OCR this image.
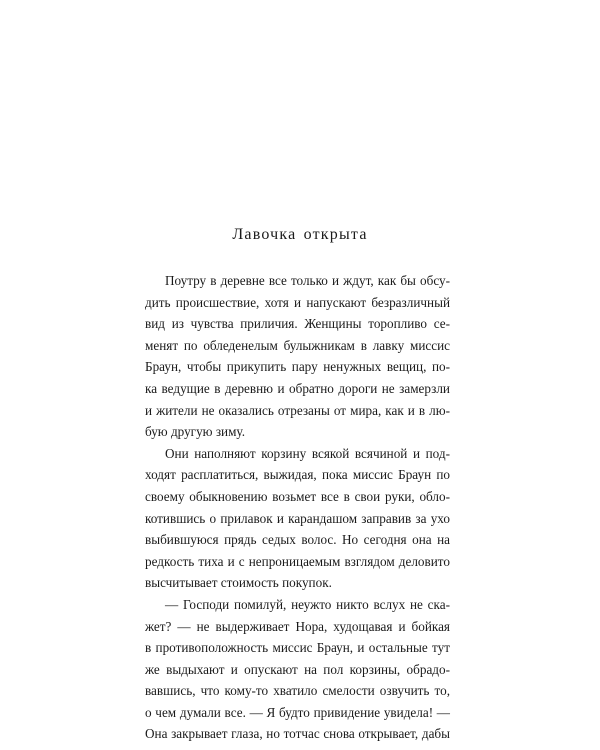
Лавочка открыта
Поутру в деревне все только и ждут, как бы обсу-
дить происшествие, хотя и напускают безразличный
вид из чувства приличия. Женщины торопливо се-
менят по обледенелым булыжникам в лавку миссис
Браун, чтобы прикупить пару ненужных вещиц, по-
ка ведущие в деревню и обратно дороги не замерзли
и жители не оказались отрезаны от мира, как и в лю-
бую другую зиму.
Они наполняют корзину всякой всячиной и под-
ходят расплатиться, выжидая, пока миссис Браун по
своему обыкновению возьмет все в свои руки, обло-
котившись о прилавок и карандашом заправив за ухо
выбившуюся прядь седых волос. Но сегодня она на
редкость тиха и с непроницаемым взглядом деловито
высчитывает стоимость покупок.
— Господи помилуй, неужто никто вслух не ска-
жет? — не выдерживает Нора, худощавая и бойкая
в противоположность миссис Браун, и остальные тут
же выдыхают и опускают на пол корзины, обрадо-
вавшись, что кому-то хватило смелости озвучить то,
о чем думали все. — Я будто привидение увидела! —
Она закрывает глаза, но тотчас снова открывает, дабы
